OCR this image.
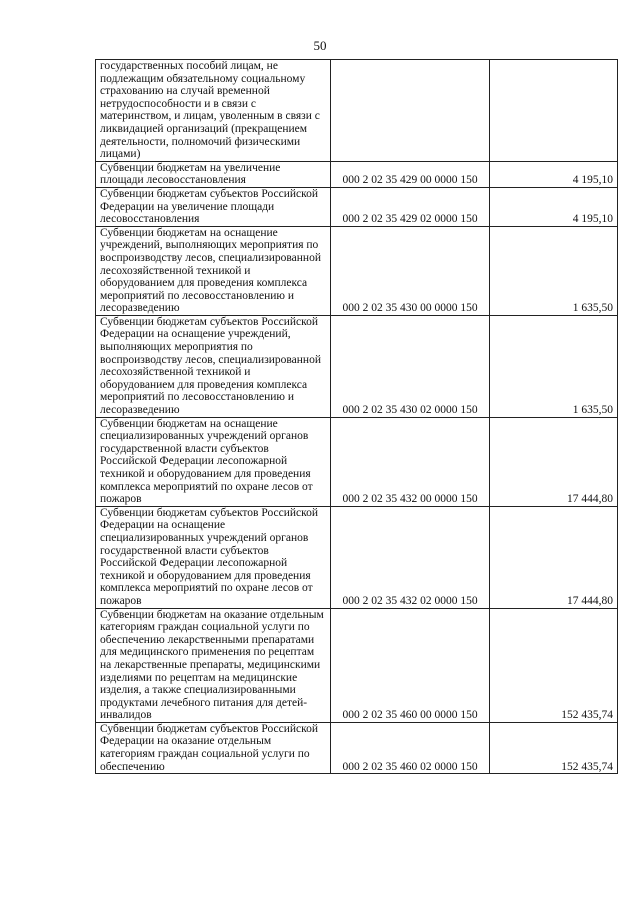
50
государственных пособий лицам, не подлежащим обязательному социальному страхованию на случай временной нетрудоспособности и в связи с материнством, и лицам, уволенным в связи с ликвидацией организаций (прекращением деятельности, полномочий физическими лицами)		

Субвенции бюджетам на увеличение площади лесовосстановления	000 2 02 35 429 00 0000 150	4 195,10

Субвенции бюджетам субъектов Российской Федерации на увеличение площади лесовосстановления	000 2 02 35 429 02 0000 150	4 195,10

Субвенции бюджетам на оснащение учреждений, выполняющих мероприятия по воспроизводству лесов, специализированной лесохозяйственной техникой и оборудованием для проведения комплекса мероприятий по лесовосстановлению и лесоразведению	000 2 02 35 430 00 0000 150	1 635,50

Субвенции бюджетам субъектов Российской Федерации на оснащение учреждений, выполняющих мероприятия по воспроизводству лесов, специализированной лесохозяйственной техникой и оборудованием для проведения комплекса мероприятий по лесовосстановлению и лесоразведению	000 2 02 35 430 02 0000 150	1 635,50

Субвенции бюджетам на оснащение специализированных учреждений органов государственной власти субъектов Российской Федерации лесопожарной техникой и оборудованием для проведения комплекса мероприятий по охране лесов от пожаров	000 2 02 35 432 00 0000 150	17 444,80

Субвенции бюджетам субъектов Российской Федерации на оснащение специализированных учреждений органов государственной власти субъектов Российской Федерации лесопожарной техникой и оборудованием для проведения комплекса мероприятий по охране лесов от пожаров	000 2 02 35 432 02 0000 150	17 444,80

Субвенции бюджетам на оказание отдельным категориям граждан социальной услуги по обеспечению лекарственными препаратами для медицинского применения по рецептам на лекарственные препараты, медицинскими изделиями по рецептам на медицинские изделия, а также специализированными продуктами лечебного питания для детей-инвалидов	000 2 02 35 460 00 0000 150	152 435,74

Субвенции бюджетам субъектов Российской Федерации на оказание отдельным категориям граждан социальной услуги по обеспечению	000 2 02 35 460 02 0000 150	152 435,74
